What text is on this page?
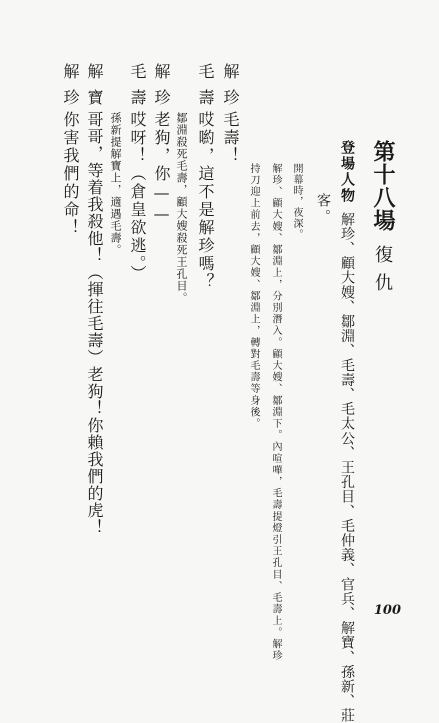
第十八場
復仇
登場人物
解珍、顧大嫂、鄒淵、毛壽、毛太公、王孔目、毛仲義、官兵、解寶、孫新、莊
客。
開幕時，夜深。
解珍、顧大嫂、鄒淵上，分別潛入。顧大嫂、鄒淵下。內喧嘩，毛壽提燈引王孔目、毛壽上。解珍
持刀迎上前去，顧大嫂、鄒淵上，轉對毛壽等身後。
解珍
毛壽！
毛壽
哎喲，這不是解珍嗎？
鄒淵殺死毛壽，顧大嫂殺死王孔目。
解珍
老狗，你——
毛壽
哎呀！（倉皇欲逃。）
孫新提解寶上，適遇毛壽。
解寶
哥哥，等着我殺他！（揮往毛壽）老狗！你賴我們的虎！
解珍
你害我們的命！
100
